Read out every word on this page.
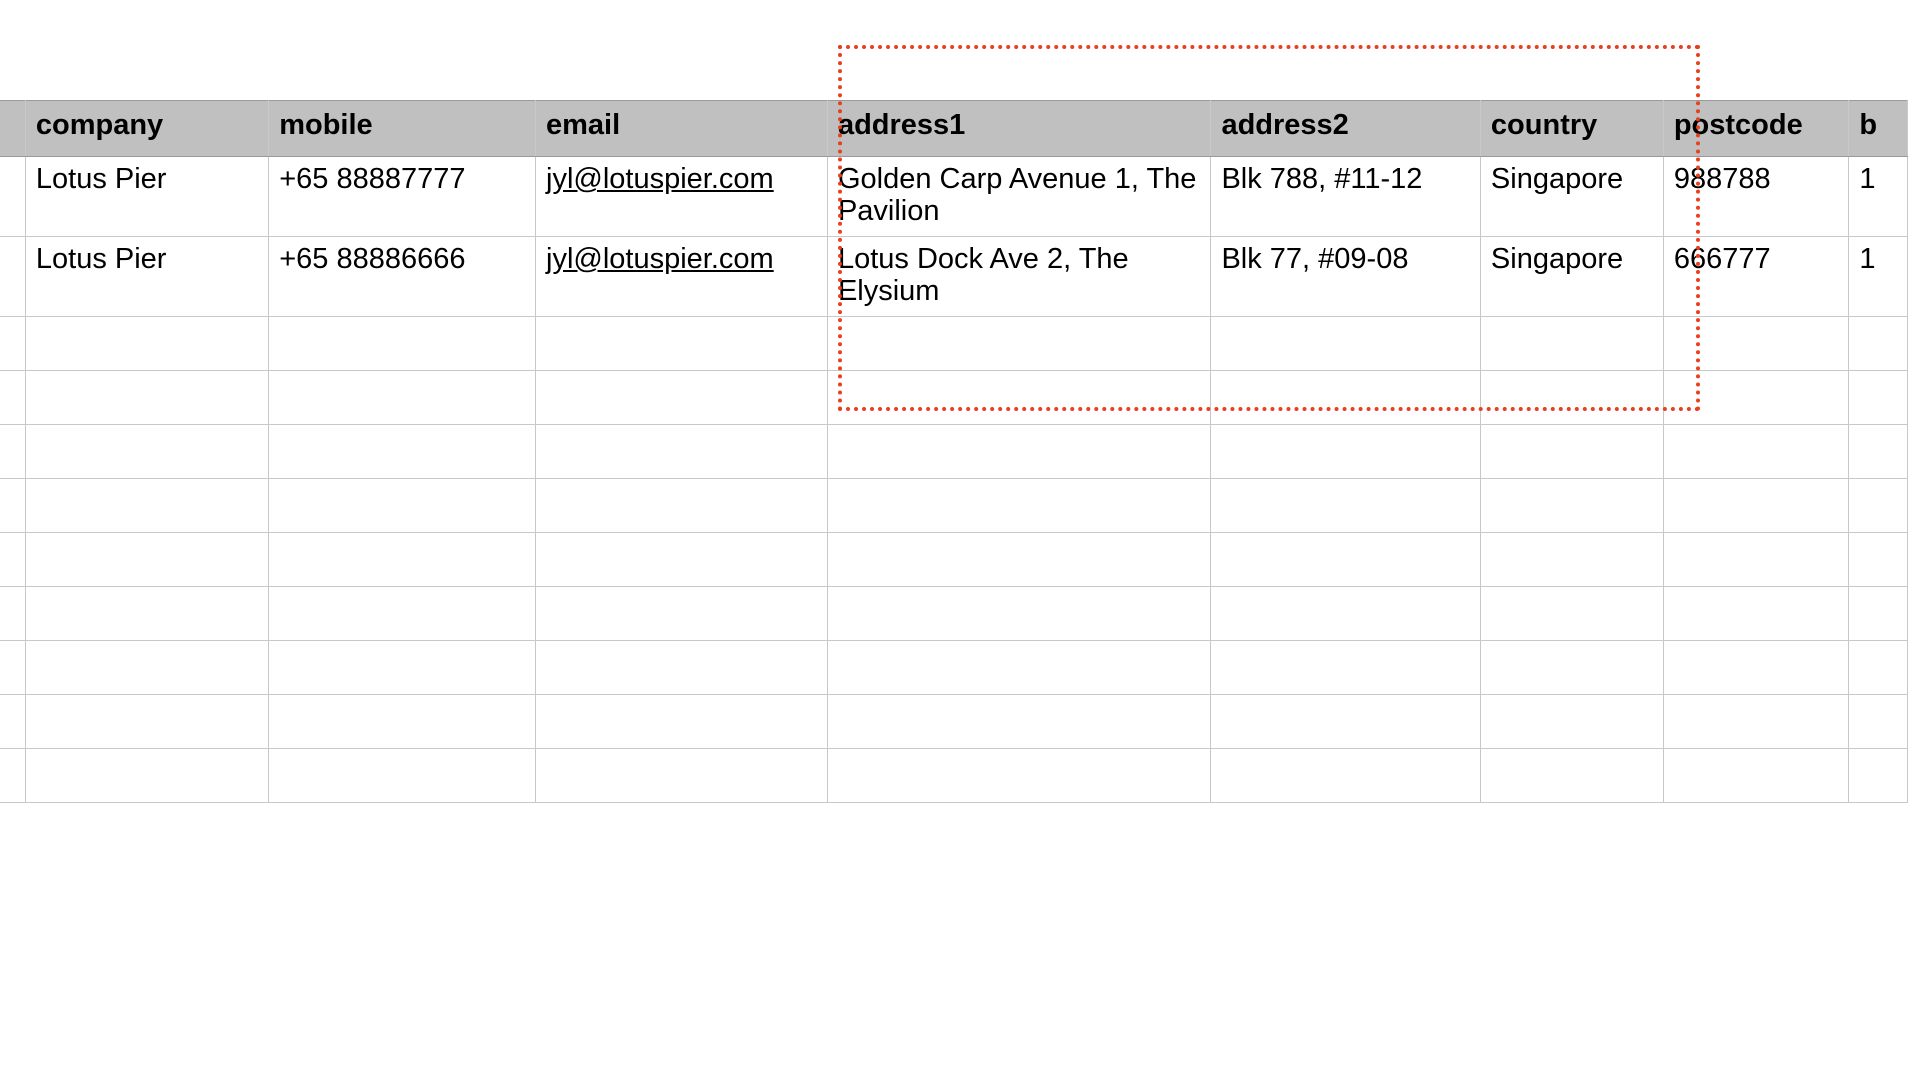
	company	mobile	email	address1	address2	country	postcode	b
	Lotus Pier	+65 88887777	jyl@lotuspier.com	Golden Carp Avenue 1, The Pavilion	Blk 788, #11-12	Singapore	988788	1
	Lotus Pier	+65 88886666	jyl@lotuspier.com	Lotus Dock Ave 2, The Elysium	Blk 77, #09-08	Singapore	666777	1
